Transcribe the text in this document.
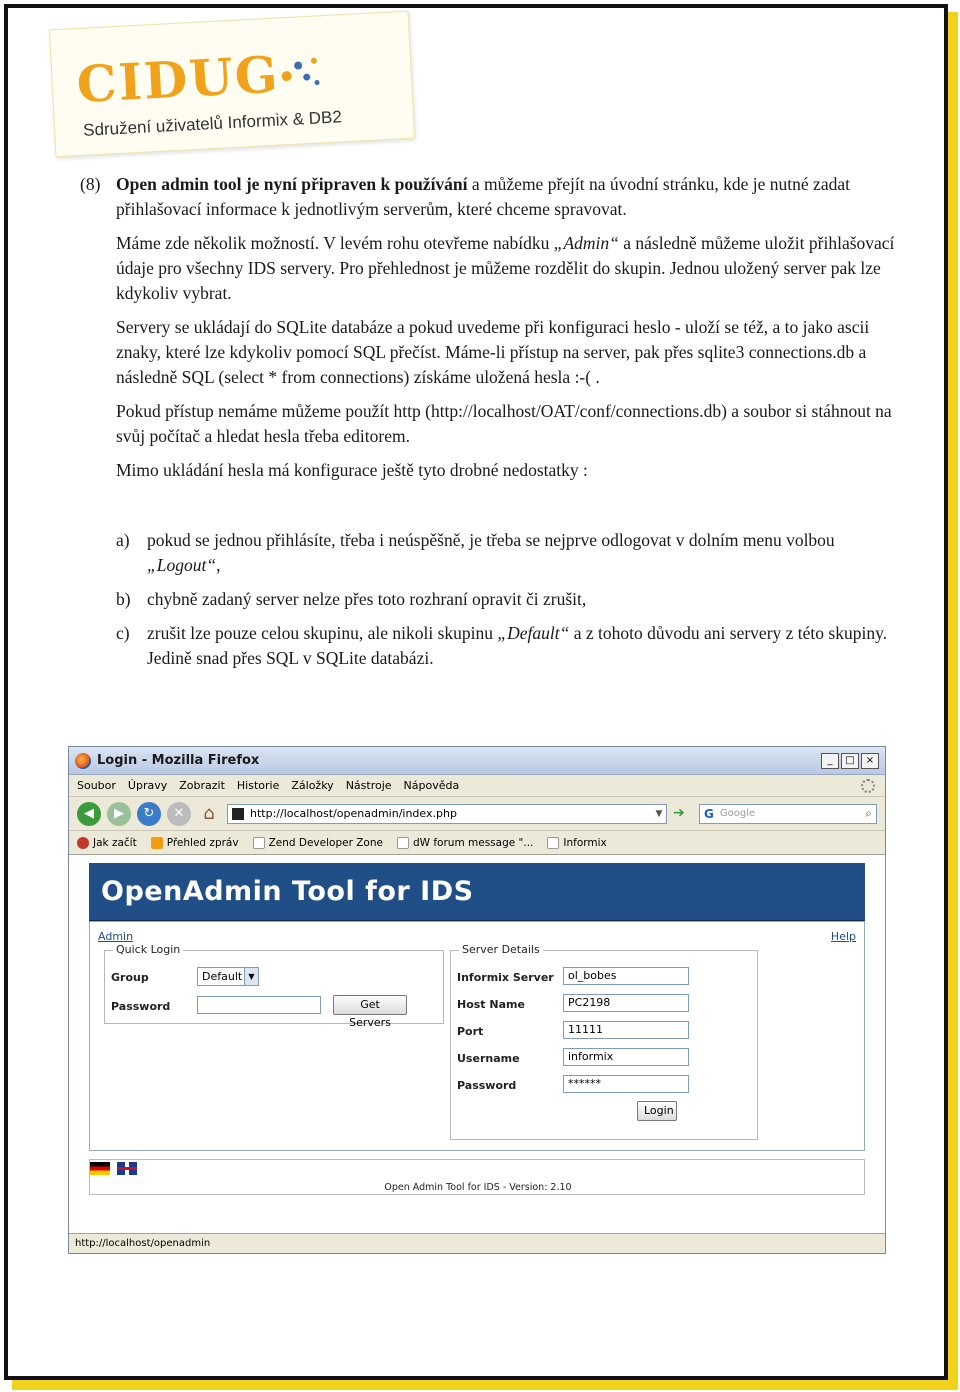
CIDUG
Sdružení uživatelů Informix & DB2
(8) Open admin tool je nyní připraven k používání a můžeme přejít na úvodní stránku, kde je nutné zadat přihlašovací informace k jednotlivým serverům, které chceme spravovat.
Máme zde několik možností. V levém rohu otevřeme nabídku „Admin“ a následně můžeme uložit přihlašovací údaje pro všechny IDS servery. Pro přehlednost je můžeme rozdělit do skupin. Jednou uložený server pak lze kdykoliv vybrat.
Servery se ukládají do SQLite databáze a pokud uvedeme při konfiguraci heslo - uloží se též, a to jako ascii znaky, které lze kdykoliv pomocí SQL přečíst. Máme-li přístup na server, pak přes sqlite3 connections.db a následně SQL (select * from connections) získáme uložená hesla :-( .
Pokud přístup nemáme můžeme použít http (http://localhost/OAT/conf/connections.db) a soubor si stáhnout na svůj počítač a hledat hesla třeba editorem.
Mimo ukládání hesla má konfigurace ještě tyto drobné nedostatky :
a) pokud se jednou přihlásíte, třeba i neúspěšně, je třeba se nejprve odlogovat v dolním menu volbou „Logout“,
b) chybně zadaný server nelze přes toto rozhraní opravit či zrušit,
c) zrušit lze pouze celou skupinu, ale nikoli skupinu „Default“ a z tohoto důvodu ani servery z této skupiny. Jedině snad přes SQL v SQLite databázi.
Login - Mozilla Firefox	_	□	×
Soubor Úpravy Zobrazit Historie Záložky Nástroje Nápověda
◀	▶	↻	✕	⌂	http://localhost/openadmin/index.php	▼ ➔	G Google	⌕
Jak začít	Přehled zpráv	Zend Developer Zone	dW forum message "...	Informix
OpenAdmin Tool for IDS
Admin	Help
Quick Login
Group	Default ▼
Password	Get Servers
Server Details
Informix Server	ol_bobes
Host Name	PC2198
Port	11111
Username	informix
Password	******
Login
Open Admin Tool for IDS - Version: 2.10
http://localhost/openadmin
